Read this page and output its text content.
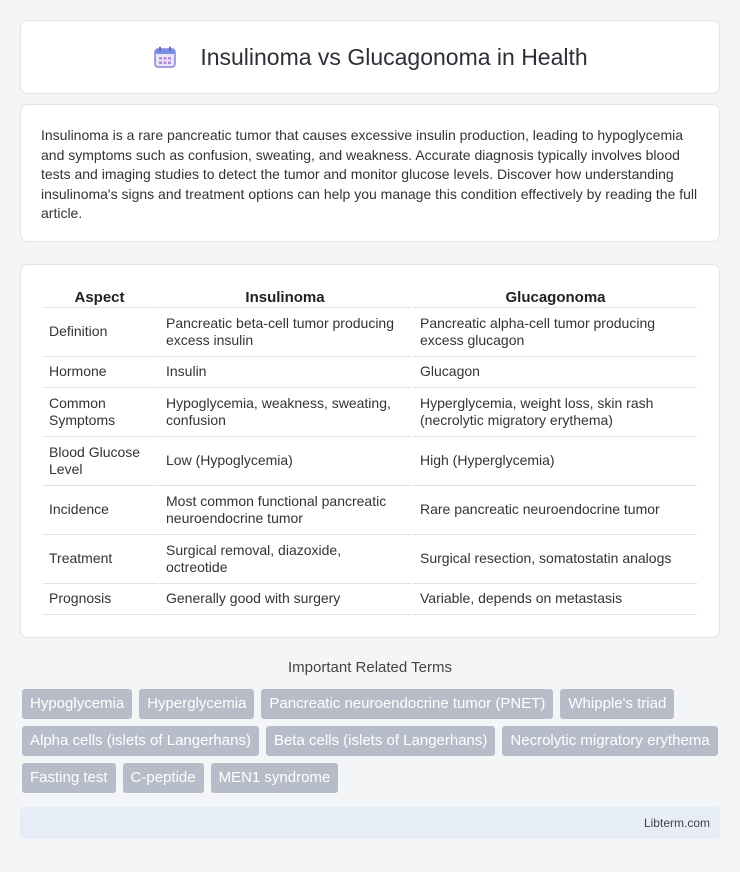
Insulinoma vs Glucagonoma in Health

Insulinoma is a rare pancreatic tumor that causes excessive insulin production, leading to hypoglycemia and symptoms such as confusion, sweating, and weakness. Accurate diagnosis typically involves blood tests and imaging studies to detect the tumor and monitor glucose levels. Discover how understanding insulinoma's signs and treatment options can help you manage this condition effectively by reading the full article.

Aspect	Insulinoma	Glucagonoma
Definition	Pancreatic beta-cell tumor producing excess insulin	Pancreatic alpha-cell tumor producing excess glucagon
Hormone	Insulin	Glucagon
Common Symptoms	Hypoglycemia, weakness, sweating, confusion	Hyperglycemia, weight loss, skin rash (necrolytic migratory erythema)
Blood Glucose Level	Low (Hypoglycemia)	High (Hyperglycemia)
Incidence	Most common functional pancreatic neuroendocrine tumor	Rare pancreatic neuroendocrine tumor
Treatment	Surgical removal, diazoxide, octreotide	Surgical resection, somatostatin analogs
Prognosis	Generally good with surgery	Variable, depends on metastasis
Important Related Terms
Hypoglycemia	Hyperglycemia	Pancreatic neuroendocrine tumor (PNET)	Whipple's triad
Alpha cells (islets of Langerhans)	Beta cells (islets of Langerhans)	Necrolytic migratory erythema
Fasting test	C-peptide	MEN1 syndrome
Libterm.com
